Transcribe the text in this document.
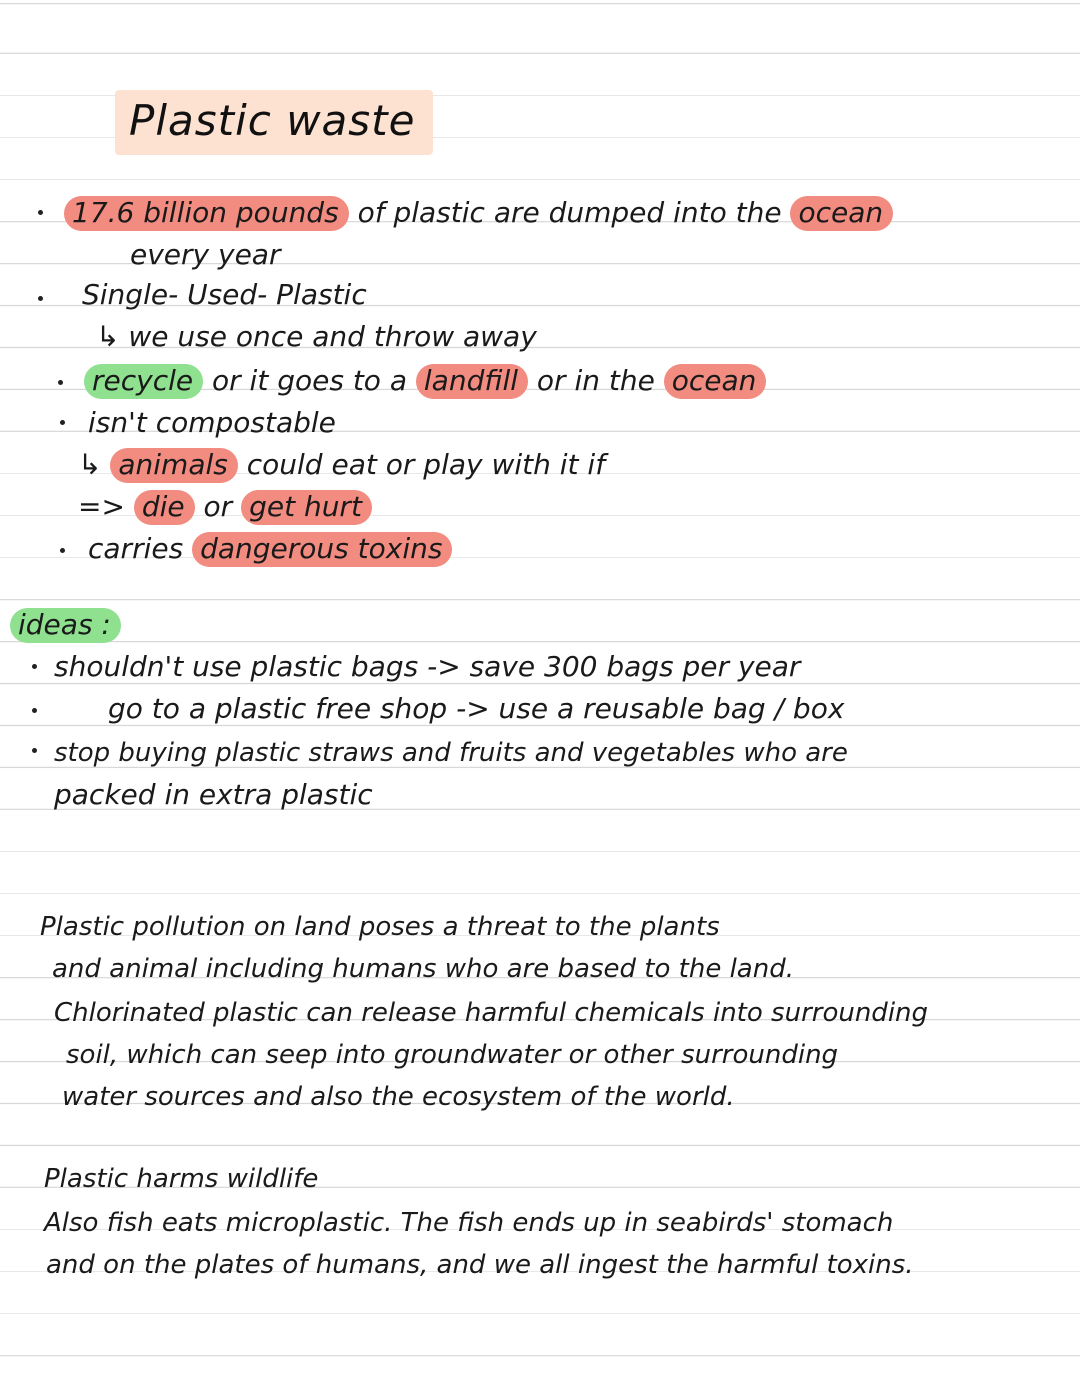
Plastic waste
17.6 billion pounds of plastic are dumped into the ocean
every year
Single- Used- Plastic
↳ we use once and throw away
recycle or it goes to a landfill or in the ocean
isn't compostable
↳ animals could eat or play with it if
=> die or get hurt
carries dangerous toxins
ideas :
shouldn't use plastic bags -> save 300 bags per year
go to a plastic free shop -> use a reusable bag / box
stop buying plastic straws and fruits and vegetables who are
packed in extra plastic
Plastic pollution on land poses a threat to the plants
and animal including humans who are based to the land.
Chlorinated plastic can release harmful chemicals into surrounding
soil, which can seep into groundwater or other surrounding
water sources and also the ecosystem of the world.
Plastic harms wildlife
Also fish eats microplastic. The fish ends up in seabirds' stomach
and on the plates of humans, and we all ingest the harmful toxins.
